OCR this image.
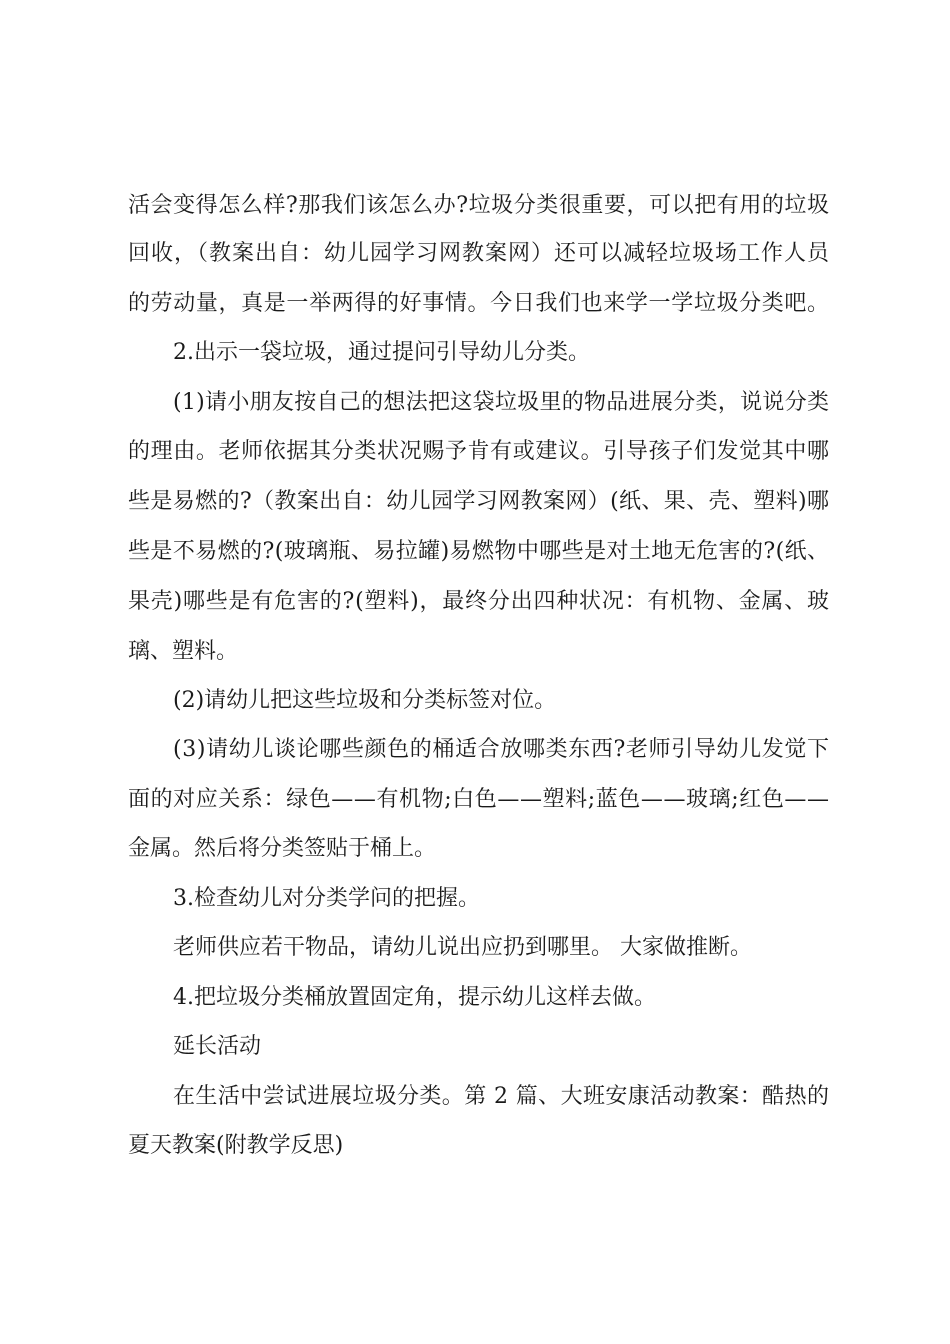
活会变得怎么样?那我们该怎么办?垃圾分类很重要，可以把有用的垃圾
回收，（教案出自：幼儿园学习网教案网）还可以减轻垃圾场工作人员
的劳动量，真是一举两得的好事情。今日我们也来学一学垃圾分类吧。
2.出示一袋垃圾，通过提问引导幼儿分类。
(1)请小朋友按自己的想法把这袋垃圾里的物品进展分类，说说分类
的理由。老师依据其分类状况赐予肯有或建议。引导孩子们发觉其中哪
些是易燃的?（教案出自：幼儿园学习网教案网）(纸、果、壳、塑料)哪
些是不易燃的?(玻璃瓶、易拉罐)易燃物中哪些是对土地无危害的?(纸、
果壳)哪些是有危害的?(塑料)，最终分出四种状况：有机物、金属、玻
璃、塑料。
(2)请幼儿把这些垃圾和分类标签对位。
(3)请幼儿谈论哪些颜色的桶适合放哪类东西?老师引导幼儿发觉下
面的对应关系：绿色——有机物;白色——塑料;蓝色——玻璃;红色——
金属。然后将分类签贴于桶上。
3.检查幼儿对分类学问的把握。
老师供应若干物品，请幼儿说出应扔到哪里。 大家做推断。
4.把垃圾分类桶放置固定角，提示幼儿这样去做。
延长活动
在生活中尝试进展垃圾分类。第 2 篇、大班安康活动教案：酷热的
夏天教案(附教学反思)
